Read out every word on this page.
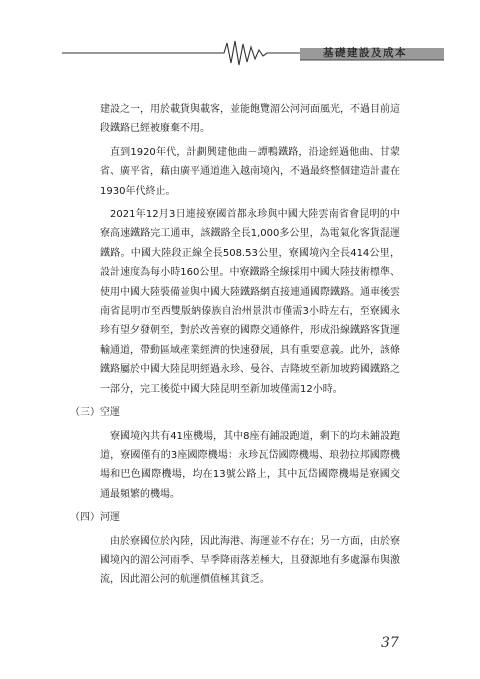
基礎建設及成本

建設之一，用於載貨與載客，並能飽覽湄公河河面風光，不過目前這段鐵路已經被廢棄不用。

直到1920年代，計劃興建他曲－譚鴨鐵路，沿途經過他曲、甘蒙省、廣平省，藉由廣平通道進入越南境內，不過最終整個建造計畫在1930年代終止。

2021年12月3日連接寮國首都永珍與中國大陸雲南省會昆明的中寮高速鐵路完工通車，該鐵路全長1,000多公里，為電氣化客貨混運鐵路。中國大陸段正線全長508.53公里，寮國境內全長414公里，設計速度為每小時160公里。中寮鐵路全線採用中國大陸技術標準、使用中國大陸裝備並與中國大陸鐵路網直接連通國際鐵路。通車後雲南省昆明市至西雙版納傣族自治州景洪市僅需3小時左右，至寮國永珍有望夕發朝至，對於改善寮的國際交通條件，形成沿線鐵路客貨運輸通道，帶動區域產業經濟的快速發展，具有重要意義。此外，該條鐵路屬於中國大陸昆明經過永珍、曼谷、吉隆坡至新加坡跨國鐵路之一部分，完工後從中國大陸昆明至新加坡僅需12小時。

（三）空運

寮國境內共有41座機場，其中8座有鋪設跑道，剩下的均未鋪設跑道，寮國僅有的3座國際機場：永珍瓦岱國際機場、琅勃拉邦國際機場和巴色國際機場，均在13號公路上，其中瓦岱國際機場是寮國交通最頻繁的機場。

（四）河運

由於寮國位於內陸，因此海港、海運並不存在；另一方面，由於寮國境內的湄公河雨季、旱季降雨落差極大，且發源地有多處瀑布與激流，因此湄公河的航運價值極其貧乏。

37
